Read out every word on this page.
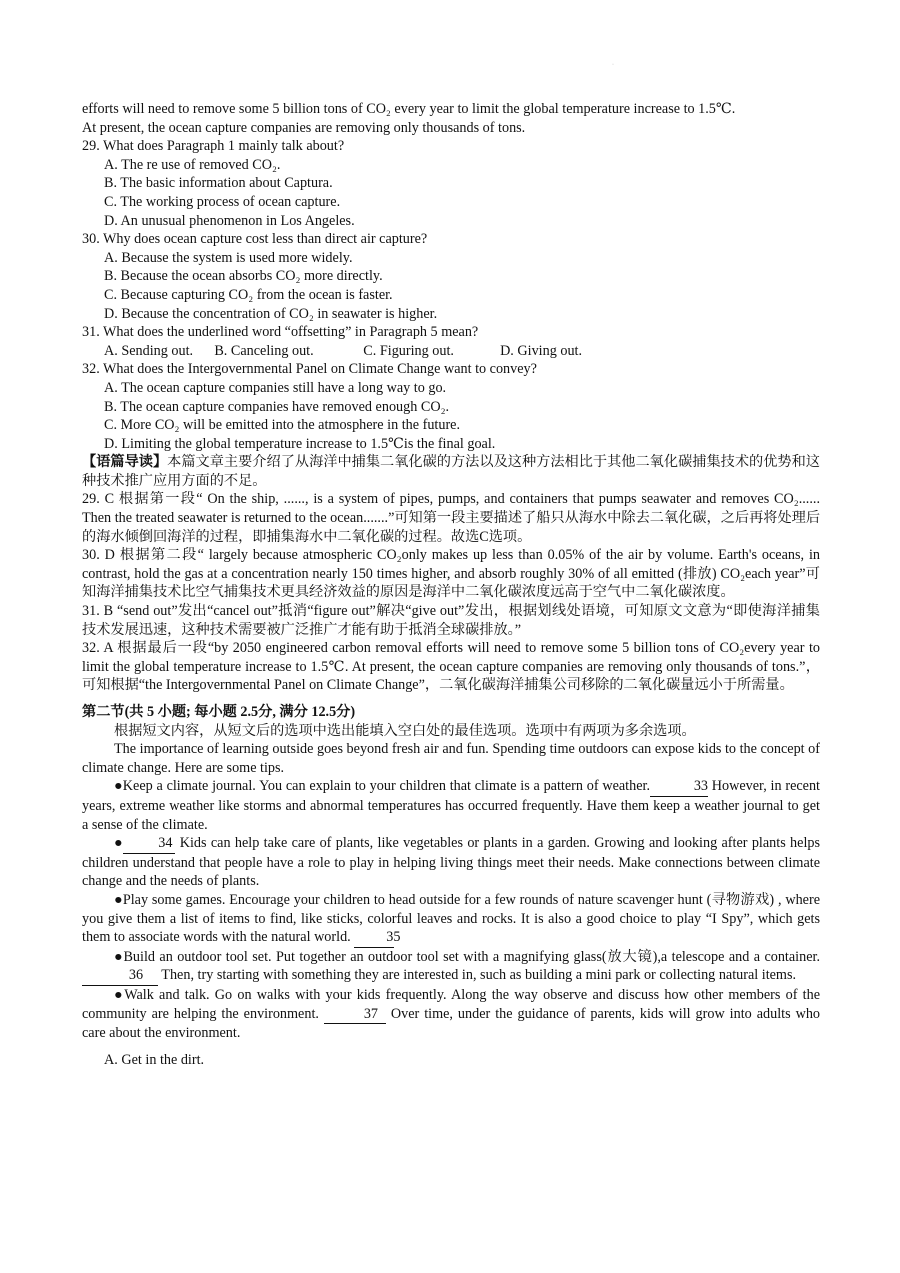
·

efforts will need to remove some 5 billion tons of CO₂ every year to limit the global temperature increase to 1.5℃.

At present, the ocean capture companies are removing only thousands of tons.

29. What does Paragraph 1 mainly talk about?

A. The re use of removed CO₂.

B. The basic information about Captura.

C. The working process of ocean capture.

D. An unusual phenomenon in Los Angeles.

30. Why does ocean capture cost less than direct air capture?

A. Because the system is used more widely.

B. Because the ocean absorbs CO₂ more directly.

C. Because capturing CO₂ from the ocean is faster.

D. Because the concentration of CO₂ in seawater is higher.

31. What does the underlined word “offsetting” in Paragraph 5 mean?

A. Sending out.      B. Canceling out.              C. Figuring out.             D. Giving out.

32. What does the Intergovernmental Panel on Climate Change want to convey?

A. The ocean capture companies still have a long way to go.

B. The ocean capture companies have removed enough CO₂.

C. More CO₂ will be emitted into the atmosphere in the future.

D. Limiting the global temperature increase to 1.5℃is the final goal.

【语篇导读】本篇文章主要介绍了从海洋中捕集二氧化碳的方法以及这种方法相比于其他二氧化碳捕集技术的优势和这种技术推广应用方面的不足。

29. C 根据第一段“ On the ship, ......, is a system of pipes, pumps, and containers that pumps seawater and removes CO₂...... Then the treated seawater is returned to the ocean.......”可知第一段主要描述了船只从海水中除去二氧化碳，之后再将处理后的海水倾倒回海洋的过程，即捕集海水中二氧化碳的过程。故选C选项。

30. D 根据第二段“ largely because atmospheric CO₂only makes up less than 0.05% of the air by volume. Earth's oceans, in contrast, hold the gas at a concentration nearly 150 times higher, and absorb roughly 30% of all emitted (排放) CO₂each year”可知海洋捕集技术比空气捕集技术更具经济效益的原因是海洋中二氧化碳浓度远高于空气中二氧化碳浓度。

31. B “send out”发出“cancel out”抵消“figure out”解决“give out”发出，根据划线处语境，可知原文文意为“即使海洋捕集技术发展迅速，这种技术需要被广泛推广才能有助于抵消全球碳排放。”

32. A 根据最后一段“by 2050 engineered carbon removal efforts will need to remove some 5 billion tons of CO₂every year to limit the global temperature increase to 1.5℃. At present, the ocean capture companies are removing only thousands of tons.”，可知根据“the Intergovernmental Panel on Climate Change”，二氧化碳海洋捕集公司移除的二氧化碳量远小于所需量。

第二节(共 5 小题; 每小题 2.5分, 满分 12.5分)

根据短文内容，从短文后的选项中选出能填入空白处的最佳选项。选项中有两项为多余选项。

The importance of learning outside goes beyond fresh air and fun. Spending time outdoors can expose kids to the concept of climate change. Here are some tips.

●Keep a climate journal. You can explain to your children that climate is a pattern of weather.	33 However, in recent years, extreme weather like storms and abnormal temperatures has occurred frequently. Have them keep a weather journal to get a sense of the climate.

● 34 Kids can help take care of plants, like vegetables or plants in a garden. Growing and looking after plants helps children understand that people have a role to play in helping living things meet their needs. Make connections between climate change and the needs of plants.

●Play some games. Encourage your children to head outside for a few rounds of nature scavenger hunt (寻物游戏) , where you give them a list of items to find, like sticks, colorful leaves and rocks. It is also a good choice to play “I Spy”, which gets them to associate words with the natural world.	35

●Build an outdoor tool set. Put together an outdoor tool set with a magnifying glass(放大镜),a telescope and a container. 36 Then, try starting with something they are interested in, such as building a mini park or collecting natural items.

●Walk and talk. Go on walks with your kids frequently. Along the way observe and discuss how other members of the community are helping the environment.	37 Over time, under the guidance of parents, kids will grow into adults who care about the environment.

A. Get in the dirt.
